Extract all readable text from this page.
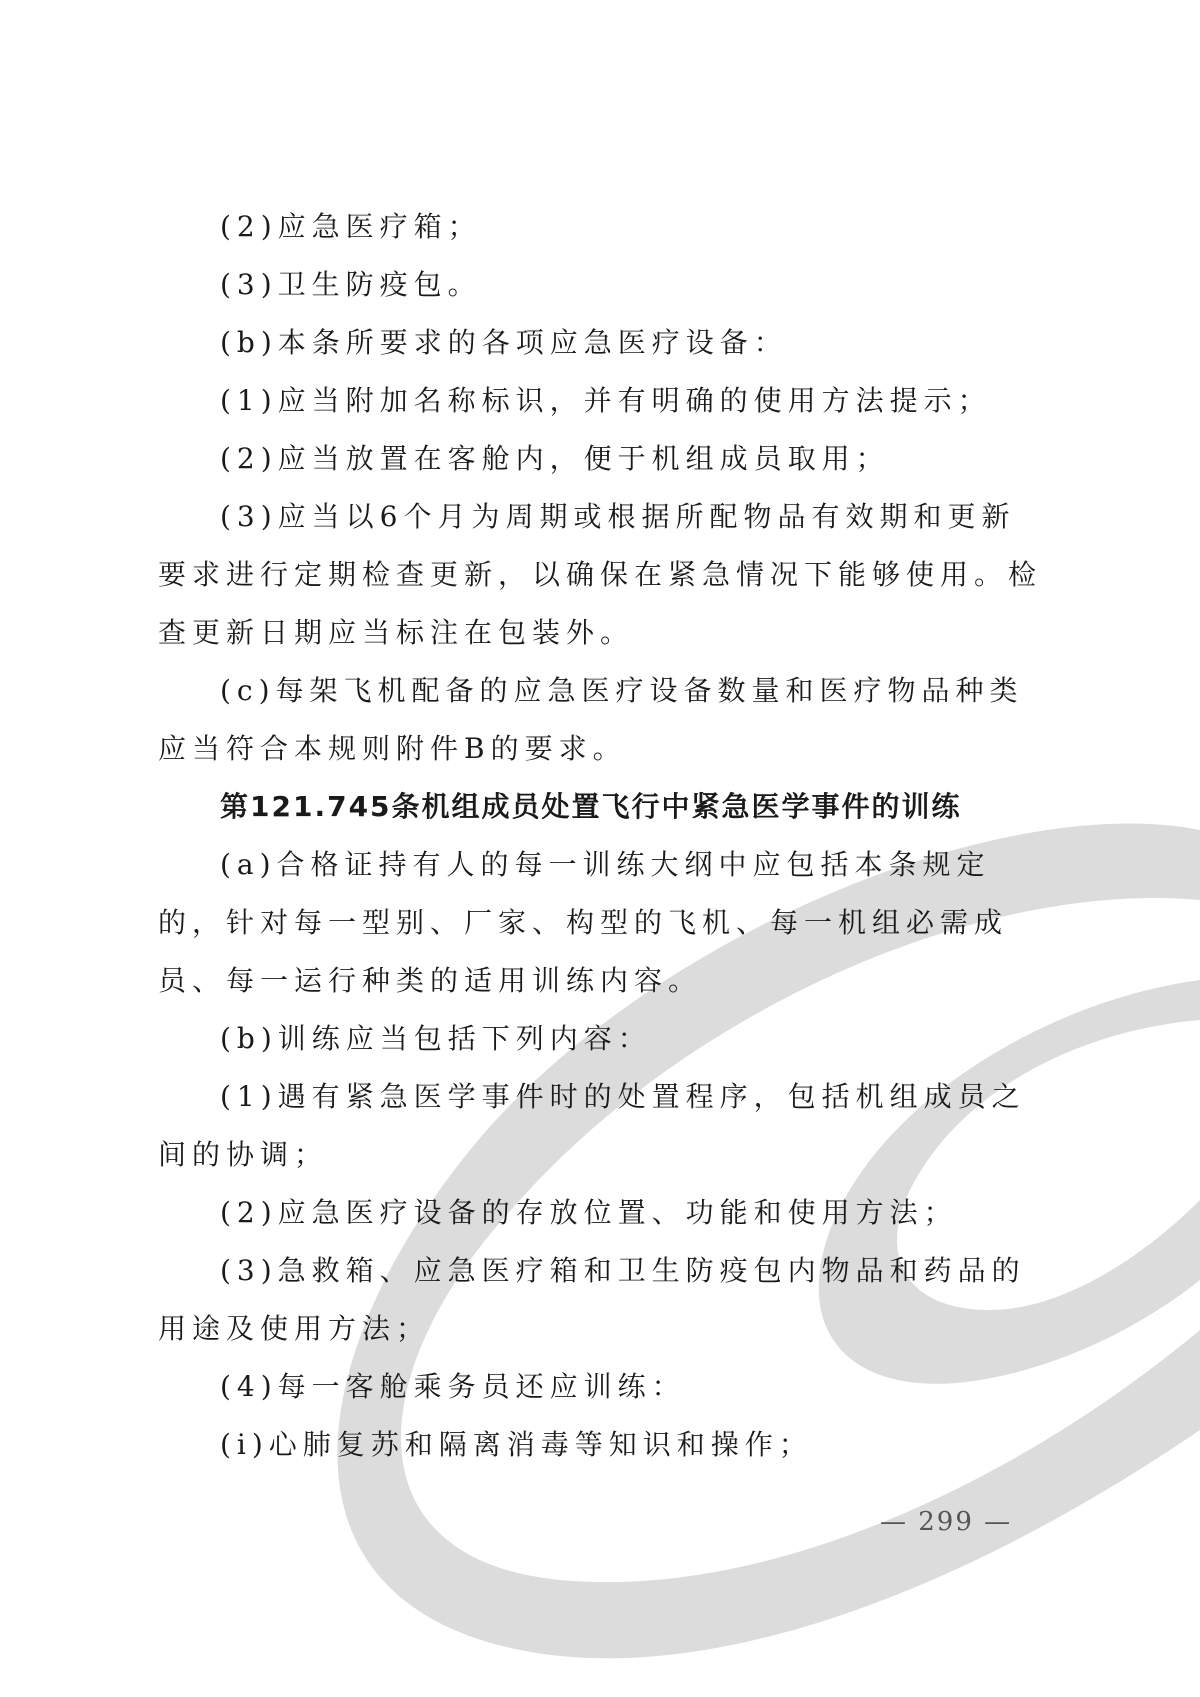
(2)应急医疗箱；

(3)卫生防疫包。

(b)本条所要求的各项应急医疗设备：

(1)应当附加名称标识，并有明确的使用方法提示；

(2)应当放置在客舱内，便于机组成员取用；

(3)应当以6个月为周期或根据所配物品有效期和更新要求进行定期检查更新，以确保在紧急情况下能够使用。检查更新日期应当标注在包装外。

(c)每架飞机配备的应急医疗设备数量和医疗物品种类应当符合本规则附件B的要求。

第121.745条机组成员处置飞行中紧急医学事件的训练

(a)合格证持有人的每一训练大纲中应包括本条规定的，针对每一型别、厂家、构型的飞机、每一机组必需成员、每一运行种类的适用训练内容。

(b)训练应当包括下列内容：

(1)遇有紧急医学事件时的处置程序，包括机组成员之间的协调；

(2)应急医疗设备的存放位置、功能和使用方法；

(3)急救箱、应急医疗箱和卫生防疫包内物品和药品的用途及使用方法；

(4)每一客舱乘务员还应训练：

(ⅰ)心肺复苏和隔离消毒等知识和操作；

— 299 —
